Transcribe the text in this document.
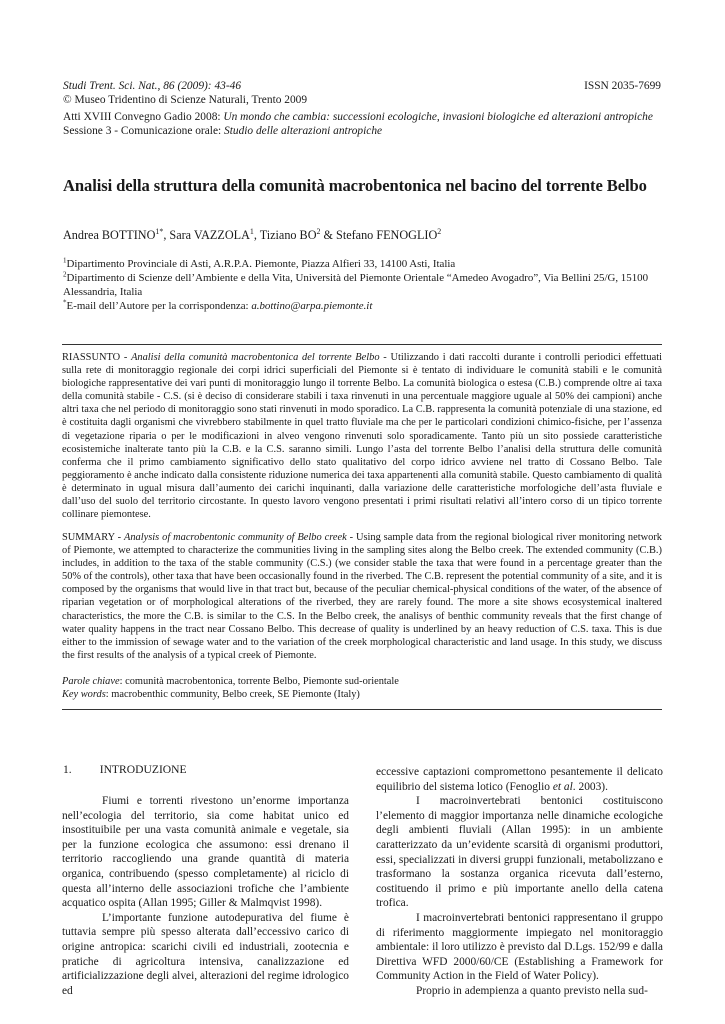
Studi Trent. Sci. Nat., 86 (2009): 43-46	ISSN 2035-7699
© Museo Tridentino di Scienze Naturali, Trento 2009
Atti XVIII Convegno Gadio 2008: Un mondo che cambia: successioni ecologiche, invasioni biologiche ed alterazioni antropiche
Sessione 3 - Comunicazione orale: Studio delle alterazioni antropiche
Analisi della struttura della comunità macrobentonica nel bacino del torrente Belbo
Andrea $BOTTINO^{1*}$, Sara VAZZOLA$^1$, Tiziano $BO^2$ & Stefano FENOGLIO$^2$
$^1$Dipartimento Provinciale di Asti, A.R.P.A. Piemonte, Piazza Alfieri 33, 14100 Asti, Italia
$^2$Dipartimento di Scienze dell’Ambiente e della Vita, Università del Piemonte Orientale “Amedeo Avogadro”, Via Bellini 25/G, 15100 Alessandria, Italia
*E-mail dell’Autore per la corrispondenza: a.bottino@arpa.piemonte.it
RIASSUNTO - Analisi della comunità macrobentonica del torrente Belbo - Utilizzando i dati raccolti durante i controlli periodici effettuati sulla rete di monitoraggio regionale dei corpi idrici superficiali del Piemonte si è tentato di individuare le comunità stabili e le comunità biologiche rappresentative dei vari punti di monitoraggio lungo il torrente Belbo. La comunità biologica o estesa (C.B.) comprende oltre ai taxa della comunità stabile - C.S. (si è deciso di considerare stabili i taxa rinvenuti in una percentuale maggiore uguale al 50% dei campioni) anche altri taxa che nel periodo di monitoraggio sono stati rinvenuti in modo sporadico. La C.B. rappresenta la comunità potenziale di una stazione, ed è costituita dagli organismi che vivrebbero stabilmente in quel tratto fluviale ma che per le particolari condizioni chimico-fisiche, per l’assenza di vegetazione riparia o per le modificazioni in alveo vengono rinvenuti solo sporadicamente. Tanto più un sito possiede caratteristiche ecosistemiche inalterate tanto più la C.B. e la C.S. saranno simili. Lungo l’asta del torrente Belbo l’analisi della struttura delle comunità conferma che il primo cambiamento significativo dello stato qualitativo del corpo idrico avviene nel tratto di Cossano Belbo. Tale peggioramento è anche indicato dalla consistente riduzione numerica dei taxa appartenenti alla comunità stabile. Questo cambiamento di qualità è determinato in ugual misura dall’aumento dei carichi inquinanti, dalla variazione delle caratteristiche morfologiche dell’asta fluviale e dall’uso del suolo del territorio circostante. In questo lavoro vengono presentati i primi risultati relativi all’intero corso di un tipico torrente collinare piemontese.
SUMMARY - Analysis of macrobentonic community of Belbo creek - Using sample data from the regional biological river monitoring network of Piemonte, we attempted to characterize the communities living in the sampling sites along the Belbo creek. The extended community (C.B.) includes, in addition to the taxa of the stable community (C.S.) (we consider stable the taxa that were found in a percentage greater than the 50% of the controls), other taxa that have been occasionally found in the riverbed. The C.B. represent the potential community of a site, and it is composed by the organisms that would live in that tract but, because of the peculiar chemical-physical conditions of the water, of the absence of riparian vegetation or of morphological alterations of the riverbed, they are rarely found. The more a site shows ecosystemical inaltered characteristics, the more the C.B. is similar to the C.S. In the Belbo creek, the analisys of benthic community reveals that the first change of water quality happens in the tract near Cossano Belbo. This decrease of quality is underlined by an heavy reduction of C.S. taxa. This is due either to the immission of sewage water and to the variation of the creek morphological characteristic and land usage. In this study, we discuss the first results of the analysis of a typical creek of Piemonte.
Parole chiave: comunità macrobentonica, torrente Belbo, Piemonte sud-orientale
Key words: macrobenthic community, Belbo creek, SE Piemonte (Italy)
1. INTRODUZIONE

Fiumi e torrenti rivestono un’enorme importanza nell’ecologia del territorio, sia come habitat unico ed insostituibile per una vasta comunità animale e vegetale, sia per la funzione ecologica che assumono: essi drenano il territorio raccogliendo una grande quantità di materia organica, contribuendo (spesso completamente) al riciclo di questa all’interno delle associazioni trofiche che l’ambiente acquatico ospita (Allan 1995; Giller & Malmqvist 1998).

L’importante funzione autodepurativa del fiume è tuttavia sempre più spesso alterata dall’eccessivo carico di origine antropica: scarichi civili ed industriali, zootecnia e pratiche di agricoltura intensiva, canalizzazione ed artificializzazione degli alvei, alterazioni del regime idrologico ed

eccessive captazioni compromettono pesantemente il delicato equilibrio del sistema lotico (Fenoglio et al. 2003).

I macroinvertebrati bentonici costituiscono l’elemento di maggior importanza nelle dinamiche ecologiche degli ambienti fluviali (Allan 1995): in un ambiente caratterizzato da un’evidente scarsità di organismi produttori, essi, specializzati in diversi gruppi funzionali, metabolizzano e trasformano la sostanza organica ricevuta dall’esterno, costituendo il primo e più importante anello della catena trofica.

I macroinvertebrati bentonici rappresentano il gruppo di riferimento maggiormente impiegato nel monitoraggio ambientale: il loro utilizzo è previsto dal D.Lgs. 152/99 e dalla Direttiva WFD 2000/60/CE (Establishing a Framework for Community Action in the Field of Water Policy).

Proprio in adempienza a quanto previsto nella sud-
